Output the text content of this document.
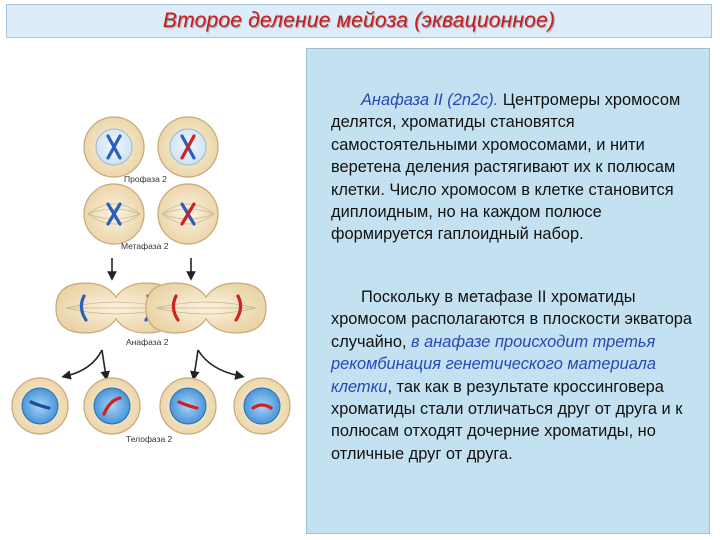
Второе деление мейоза (эквационное)
Профаза 2
Метафаза 2
Анафаза 2
Телофаза 2

Анафаза II (2n2c). Центромеры хромосом делятся, хроматиды становятся самостоятельными хромосомами, и нити веретена деления растягивают их к полюсам клетки. Число хромосом в клетке становится диплоидным, но на каждом полюсе формируется гаплоидный набор.

Поскольку в метафазе II хроматиды хромосом располагаются в плоскости экватора случайно, в анафазе происходит третья рекомбинация генетического материала клетки, так как в результате кроссинговера хроматиды стали отличаться друг от друга и к полюсам отходят дочерние хроматиды, но отличные друг от друга.
